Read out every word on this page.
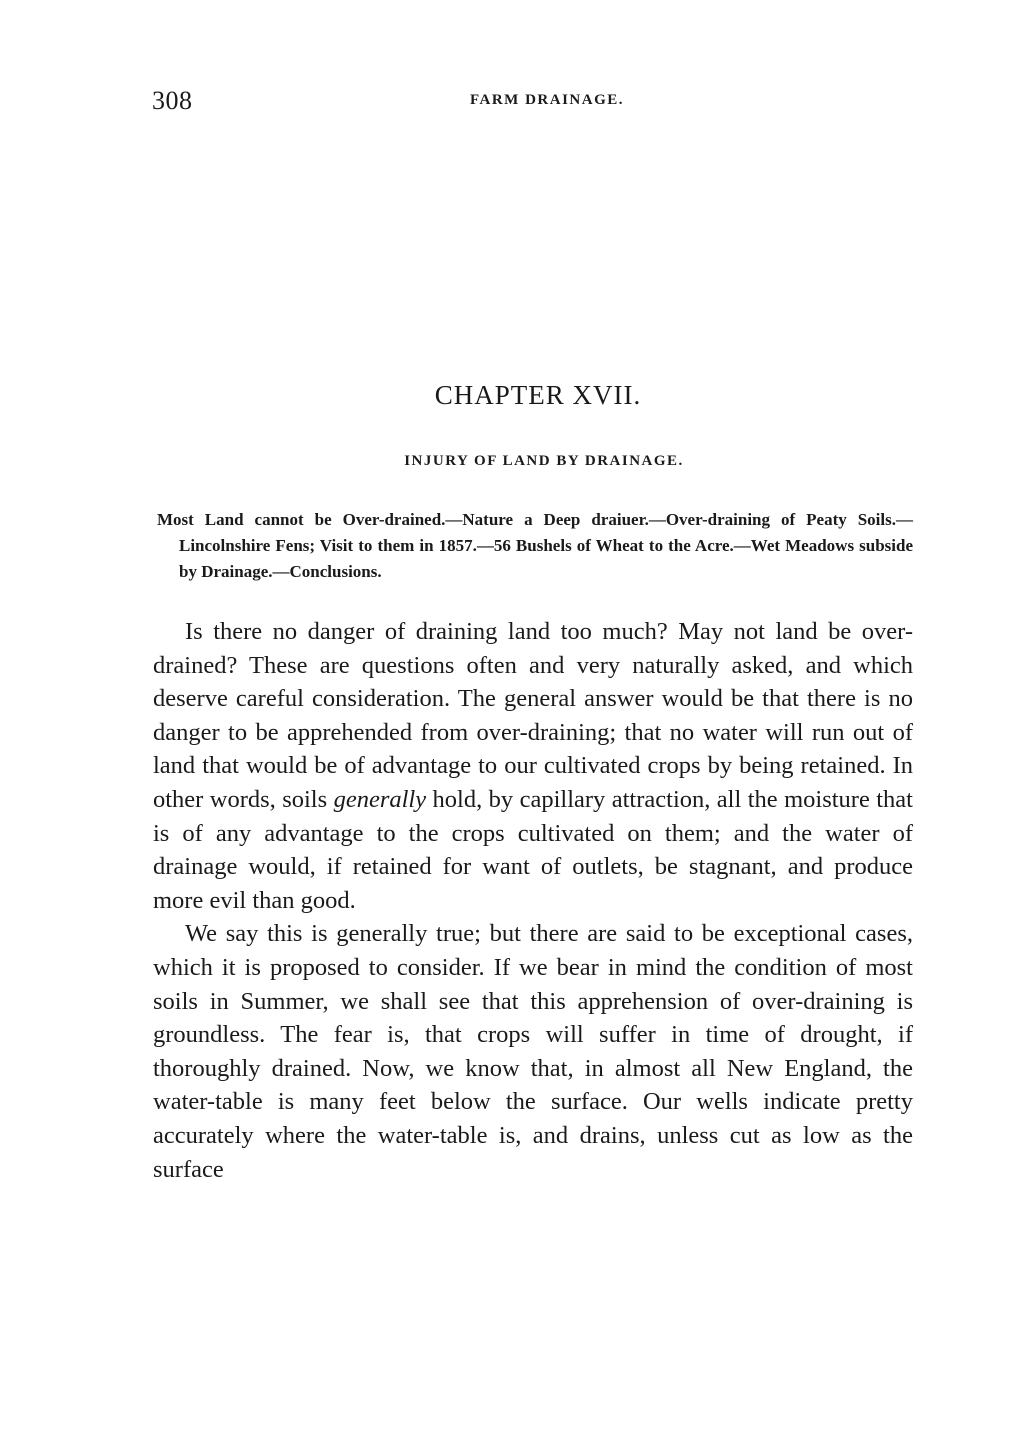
308	FARM DRAINAGE.
CHAPTER XVII.
INJURY OF LAND BY DRAINAGE.
Most Land cannot be Over-drained.—Nature a Deep draiuer.—Over-draining of Peaty Soils.—Lincolnshire Fens; Visit to them in 1857.—56 Bushels of Wheat to the Acre.—Wet Meadows subside by Drainage.—Conclusions.

Is there no danger of draining land too much? May not land be over-drained? These are questions often and very naturally asked, and which deserve careful consideration. The general answer would be that there is no danger to be apprehended from over-draining; that no water will run out of land that would be of advantage to our cultivated crops by being retained. In other words, soils generally hold, by capillary attraction, all the moisture that is of any advantage to the crops cultivated on them; and the water of drainage would, if retained for want of outlets, be stagnant, and produce more evil than good.

We say this is generally true; but there are said to be exceptional cases, which it is proposed to consider. If we bear in mind the condition of most soils in Summer, we shall see that this apprehension of over-draining is groundless. The fear is, that crops will suffer in time of drought, if thoroughly drained. Now, we know that, in almost all New England, the water-table is many feet below the surface. Our wells indicate pretty accurately where the water-table is, and drains, unless cut as low as the surface
